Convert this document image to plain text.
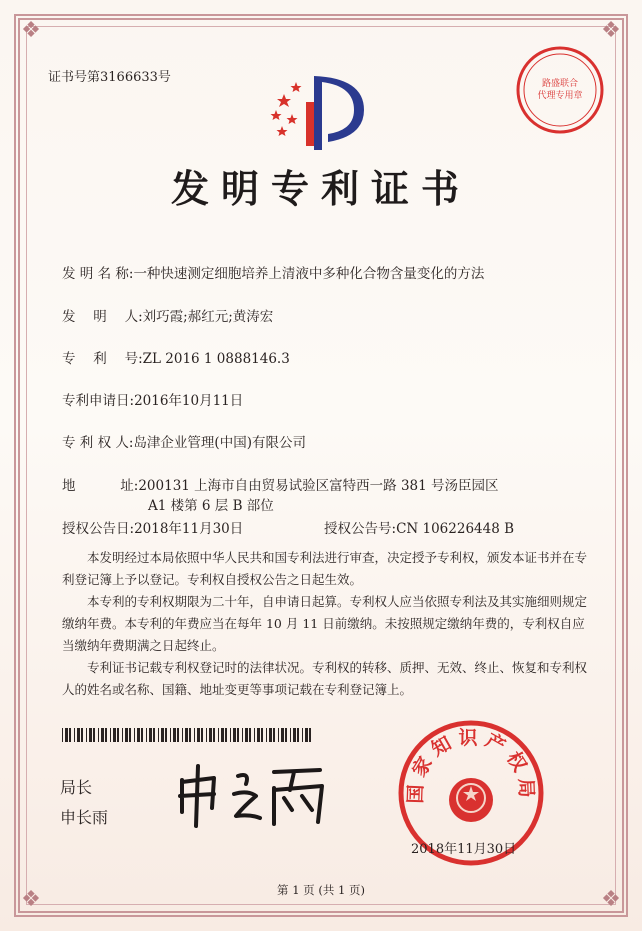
❖	❖
❖	❖
证书号第3166633号	路盛联合
代理专用章
发明专利证书
发 明 名 称:一种快速测定细胞培养上清液中多种化合物含量变化的方法
发　 明 　人:刘巧霞;郝红元;黄涛宏
专　 利 　号:ZL 2016 1 0888146.3
专利申请日:2016年10月11日
专 利 权 人:岛津企业管理(中国)有限公司
地　　　 址:200131 上海市自由贸易试验区富特西一路 381 号汤臣园区
A1 楼第 6 层 B 部位
授权公告日:2018年11月30日	授权公告号:CN 106226448 B

本发明经过本局依照中华人民共和国专利法进行审查，决定授予专利权，颁发本证书并在专利登记簿上予以登记。专利权自授权公告之日起生效。

本专利的专利权期限为二十年，自申请日起算。专利权人应当依照专利法及其实施细则规定缴纳年费。本专利的年费应当在每年 10 月 11 日前缴纳。未按照规定缴纳年费的，专利权自应当缴纳年费期满之日起终止。

专利证书记载专利权登记时的法律状况。专利权的转移、质押、无效、终止、恢复和专利权人的姓名或名称、国籍、地址变更等事项记载在专利登记簿上。

局长
申长雨
国家知识产权局
2018年11月30日
第 1 页 (共 1 页)
